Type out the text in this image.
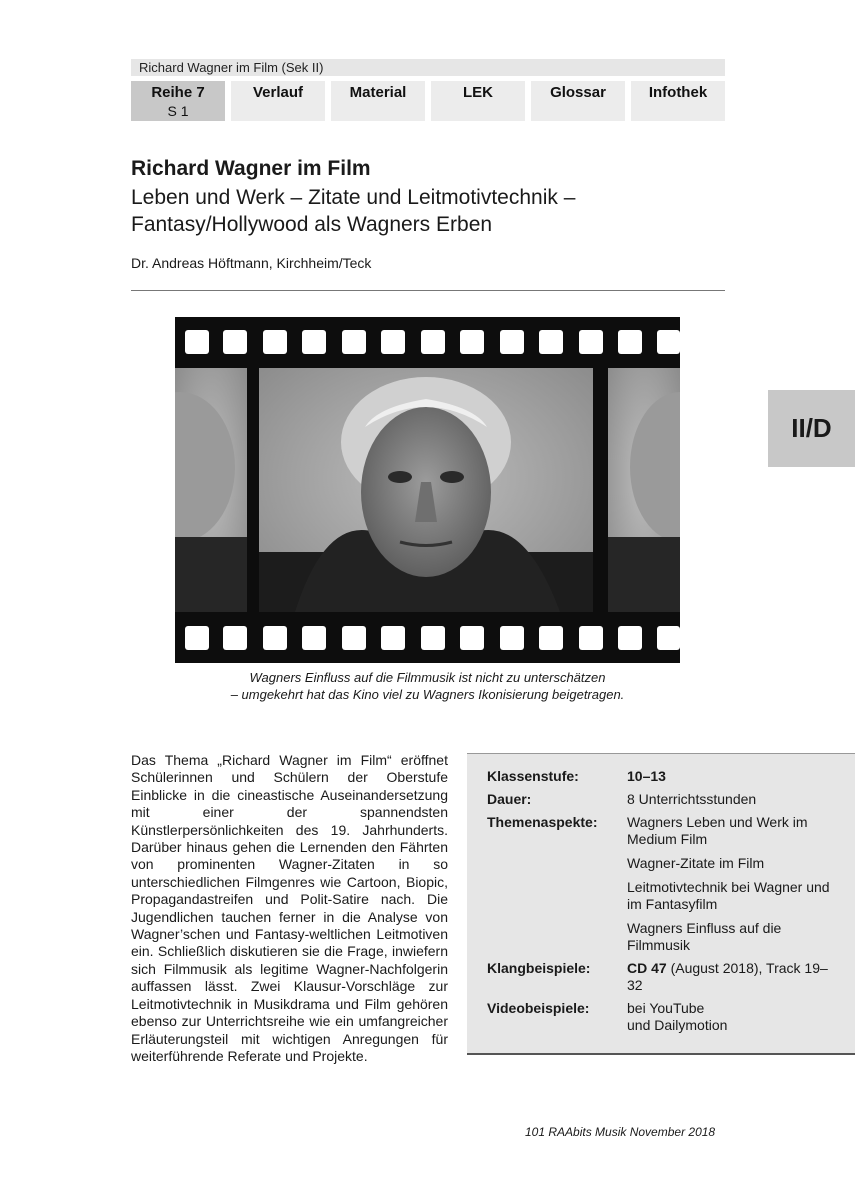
Richard Wagner im Film (Sek II)
Reihe 7
S 1
Verlauf	Material	LEK	Glossar	Infothek
II/D
Richard Wagner im Film
Leben und Werk – Zitate und Leitmotivtechnik –
Fantasy/Hollywood als Wagners Erben
Dr. Andreas Höftmann, Kirchheim/Teck
Wagners Einfluss auf die Filmmusik ist nicht zu unterschätzen
– umgekehrt hat das Kino viel zu Wagners Ikonisierung beigetragen.
Das Thema „Richard Wagner im Film“ eröffnet Schülerinnen und Schülern der Oberstufe Einblicke in die cineastische Auseinandersetzung mit einer der spannendsten Künstlerpersönlichkeiten des 19. Jahrhunderts. Darüber hinaus gehen die Lernenden den Fährten von prominenten Wagner-Zitaten in so unterschiedlichen Filmgenres wie Cartoon, Biopic, Propagandastreifen und Polit-Satire nach. Die Jugendlichen tauchen ferner in die Analyse von Wagner’schen und Fantasy-weltlichen Leitmotiven ein. Schließlich diskutieren sie die Frage, inwiefern sich Filmmusik als legitime Wagner-Nachfolgerin auffassen lässt. Zwei Klausur-Vorschläge zur Leitmotivtechnik in Musikdrama und Film gehören ebenso zur Unterrichtsreihe wie ein umfangreicher Erläuterungsteil mit wichtigen Anregungen für weiterführende Referate und Projekte.
Klassenstufe:	10–13
Dauer:	8 Unterrichtsstunden
Themenaspekte:	Wagners Leben und Werk im Medium Film
Wagner-Zitate im Film
Leitmotivtechnik bei Wagner und im Fantasyfilm
Wagners Einfluss auf die Filmmusik

Klangbeispiele:	CD 47 (August 2018), Track 19–32
Videobeispiele:	bei YouTube
und Dailymotion
101 RAAbits Musik November 2018
